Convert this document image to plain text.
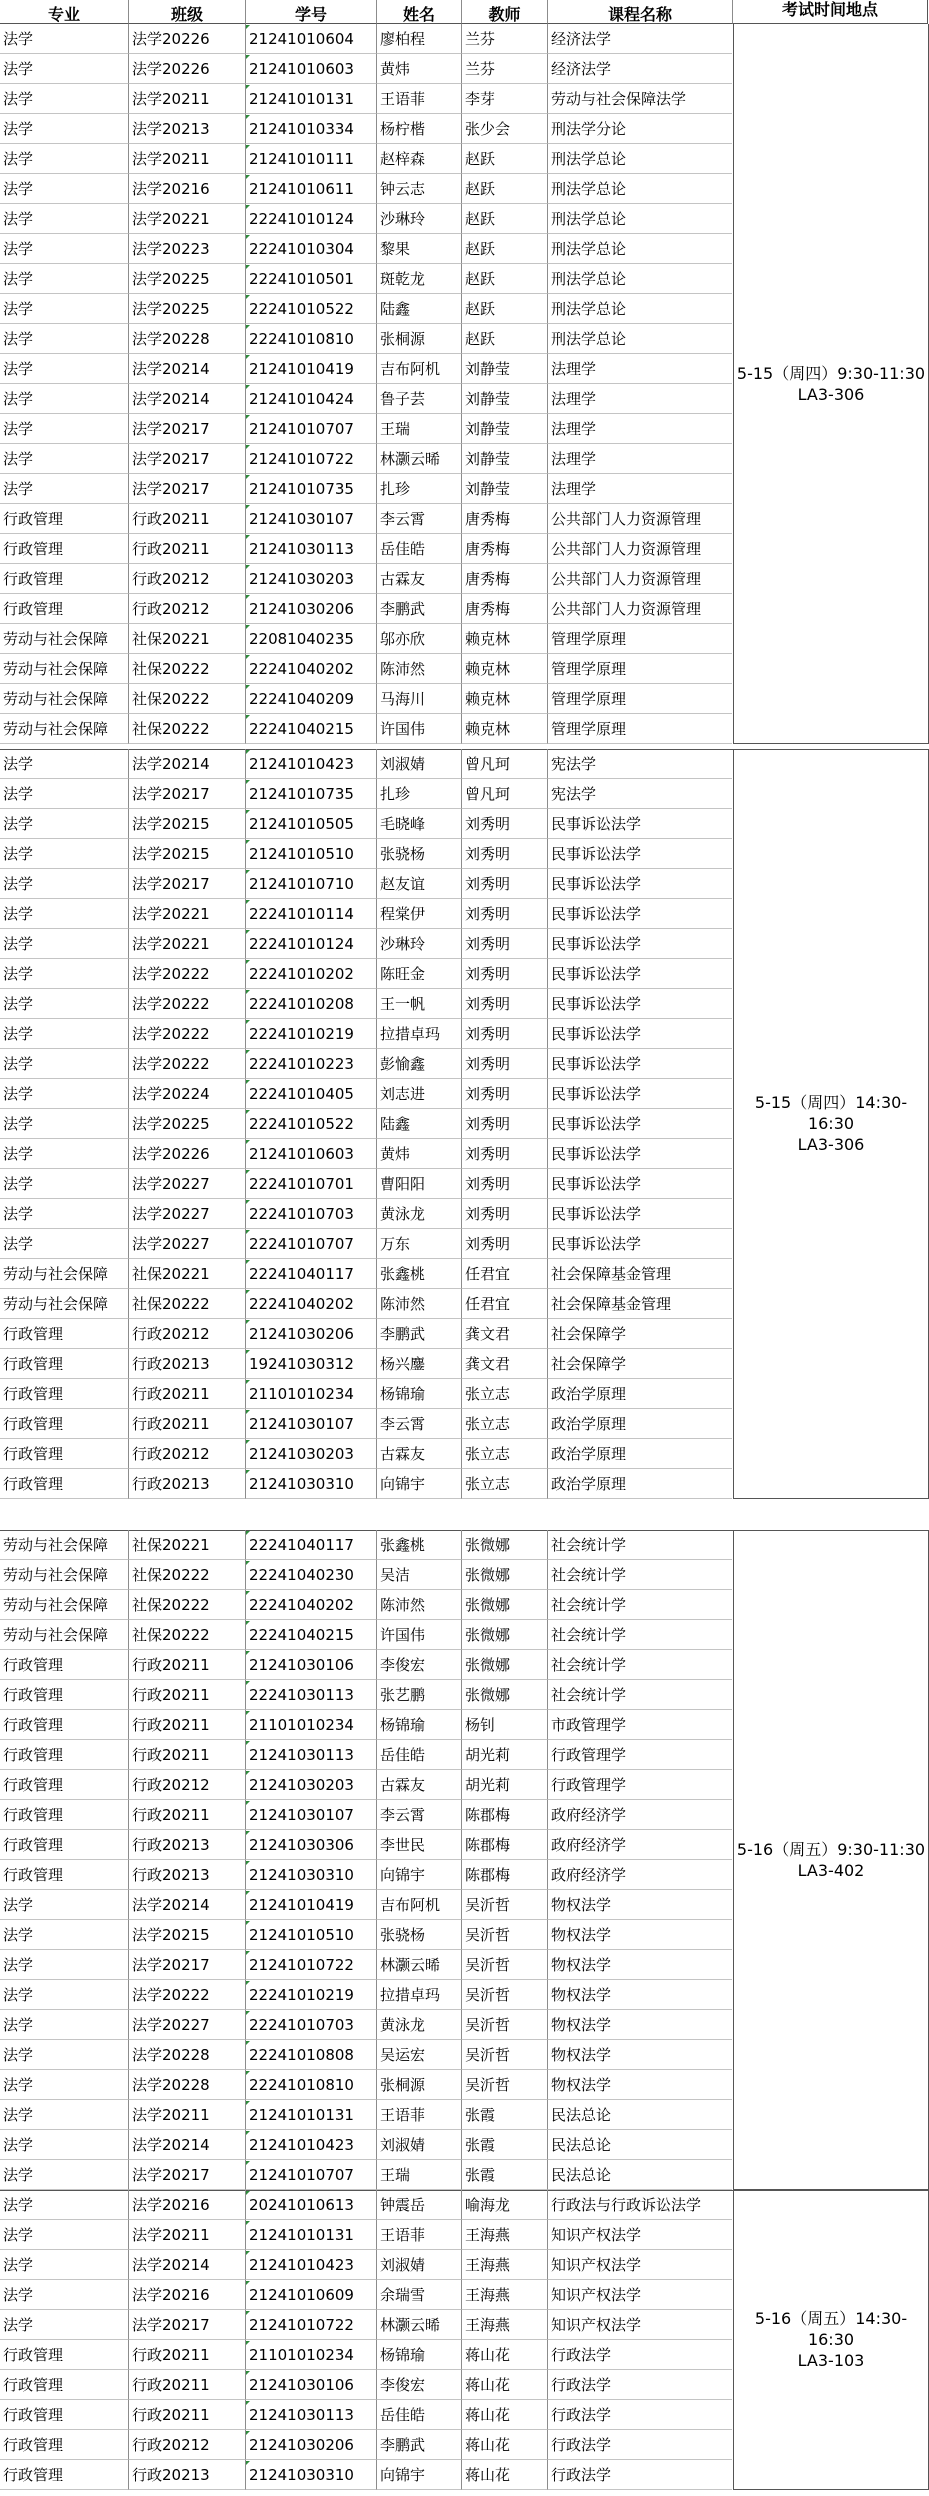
专业	班级	学号	姓名	教师	课程名称	考试时间地点
法学	法学20226	21241010604	廖柏程	兰芬	经济法学
法学	法学20226	21241010603	黄炜	兰芬	经济法学
法学	法学20211	21241010131	王语菲	李芽	劳动与社会保障法学
法学	法学20213	21241010334	杨柠楷	张少会	刑法学分论
法学	法学20211	21241010111	赵梓森	赵跃	刑法学总论
法学	法学20216	21241010611	钟云志	赵跃	刑法学总论
法学	法学20221	22241010124	沙琳玲	赵跃	刑法学总论
法学	法学20223	22241010304	黎果	赵跃	刑法学总论
法学	法学20225	22241010501	斑乾龙	赵跃	刑法学总论
法学	法学20225	22241010522	陆鑫	赵跃	刑法学总论
法学	法学20228	22241010810	张桐源	赵跃	刑法学总论
法学	法学20214	21241010419	吉布阿机	刘静莹	法理学
法学	法学20214	21241010424	鲁子芸	刘静莹	法理学
法学	法学20217	21241010707	王瑞	刘静莹	法理学
法学	法学20217	21241010722	林灏云晞	刘静莹	法理学
法学	法学20217	21241010735	扎珍	刘静莹	法理学
行政管理	行政20211	21241030107	李云霄	唐秀梅	公共部门人力资源管理
行政管理	行政20211	21241030113	岳佳皓	唐秀梅	公共部门人力资源管理
行政管理	行政20212	21241030203	古霖友	唐秀梅	公共部门人力资源管理
行政管理	行政20212	21241030206	李鹏武	唐秀梅	公共部门人力资源管理
劳动与社会保障	社保20221	22081040235	邬亦欣	赖克林	管理学原理
劳动与社会保障	社保20222	22241040202	陈沛然	赖克林	管理学原理
劳动与社会保障	社保20222	22241040209	马海川	赖克林	管理学原理
劳动与社会保障	社保20222	22241040215	许国伟	赖克林	管理学原理
5-15（周四）9:30-11:30
LA3-306
法学	法学20214	21241010423	刘淑婧	曾凡珂	宪法学
法学	法学20217	21241010735	扎珍	曾凡珂	宪法学
法学	法学20215	21241010505	毛晓峰	刘秀明	民事诉讼法学
法学	法学20215	21241010510	张骁杨	刘秀明	民事诉讼法学
法学	法学20217	21241010710	赵友谊	刘秀明	民事诉讼法学
法学	法学20221	22241010114	程棠伊	刘秀明	民事诉讼法学
法学	法学20221	22241010124	沙琳玲	刘秀明	民事诉讼法学
法学	法学20222	22241010202	陈旺金	刘秀明	民事诉讼法学
法学	法学20222	22241010208	王一帆	刘秀明	民事诉讼法学
法学	法学20222	22241010219	拉措卓玛	刘秀明	民事诉讼法学
法学	法学20222	22241010223	彭愉鑫	刘秀明	民事诉讼法学
法学	法学20224	22241010405	刘志进	刘秀明	民事诉讼法学
法学	法学20225	22241010522	陆鑫	刘秀明	民事诉讼法学
法学	法学20226	21241010603	黄炜	刘秀明	民事诉讼法学
法学	法学20227	22241010701	曹阳阳	刘秀明	民事诉讼法学
法学	法学20227	22241010703	黄泳龙	刘秀明	民事诉讼法学
法学	法学20227	22241010707	万东	刘秀明	民事诉讼法学
劳动与社会保障	社保20221	22241040117	张鑫桃	任君宜	社会保障基金管理
劳动与社会保障	社保20222	22241040202	陈沛然	任君宜	社会保障基金管理
行政管理	行政20212	21241030206	李鹏武	龚文君	社会保障学
行政管理	行政20213	19241030312	杨兴鏖	龚文君	社会保障学
行政管理	行政20211	21101010234	杨锦瑜	张立志	政治学原理
行政管理	行政20211	21241030107	李云霄	张立志	政治学原理
行政管理	行政20212	21241030203	古霖友	张立志	政治学原理
行政管理	行政20213	21241030310	向锦宇	张立志	政治学原理
5-15（周四）14:30-16:30
LA3-306
劳动与社会保障	社保20221	22241040117	张鑫桃	张微娜	社会统计学
劳动与社会保障	社保20222	22241040230	吴洁	张微娜	社会统计学
劳动与社会保障	社保20222	22241040202	陈沛然	张微娜	社会统计学
劳动与社会保障	社保20222	22241040215	许国伟	张微娜	社会统计学
行政管理	行政20211	21241030106	李俊宏	张微娜	社会统计学
行政管理	行政20211	22241030113	张艺鹏	张微娜	社会统计学
行政管理	行政20211	21101010234	杨锦瑜	杨钊	市政管理学
行政管理	行政20211	21241030113	岳佳皓	胡光莉	行政管理学
行政管理	行政20212	21241030203	古霖友	胡光莉	行政管理学
行政管理	行政20211	21241030107	李云霄	陈郡梅	政府经济学
行政管理	行政20213	21241030306	李世民	陈郡梅	政府经济学
行政管理	行政20213	21241030310	向锦宇	陈郡梅	政府经济学
法学	法学20214	21241010419	吉布阿机	吴沂哲	物权法学
法学	法学20215	21241010510	张骁杨	吴沂哲	物权法学
法学	法学20217	21241010722	林灏云晞	吴沂哲	物权法学
法学	法学20222	22241010219	拉措卓玛	吴沂哲	物权法学
法学	法学20227	22241010703	黄泳龙	吴沂哲	物权法学
法学	法学20228	22241010808	吴运宏	吴沂哲	物权法学
法学	法学20228	22241010810	张桐源	吴沂哲	物权法学
法学	法学20211	21241010131	王语菲	张霞	民法总论
法学	法学20214	21241010423	刘淑婧	张霞	民法总论
法学	法学20217	21241010707	王瑞	张霞	民法总论
5-16（周五）9:30-11:30
LA3-402
法学	法学20216	20241010613	钟震岳	喻海龙	行政法与行政诉讼法学
法学	法学20211	21241010131	王语菲	王海燕	知识产权法学
法学	法学20214	21241010423	刘淑婧	王海燕	知识产权法学
法学	法学20216	21241010609	余瑞雪	王海燕	知识产权法学
法学	法学20217	21241010722	林灏云晞	王海燕	知识产权法学
行政管理	行政20211	21101010234	杨锦瑜	蒋山花	行政法学
行政管理	行政20211	21241030106	李俊宏	蒋山花	行政法学
行政管理	行政20211	21241030113	岳佳皓	蒋山花	行政法学
行政管理	行政20212	21241030206	李鹏武	蒋山花	行政法学
行政管理	行政20213	21241030310	向锦宇	蒋山花	行政法学
5-16（周五）14:30-16:30
LA3-103
